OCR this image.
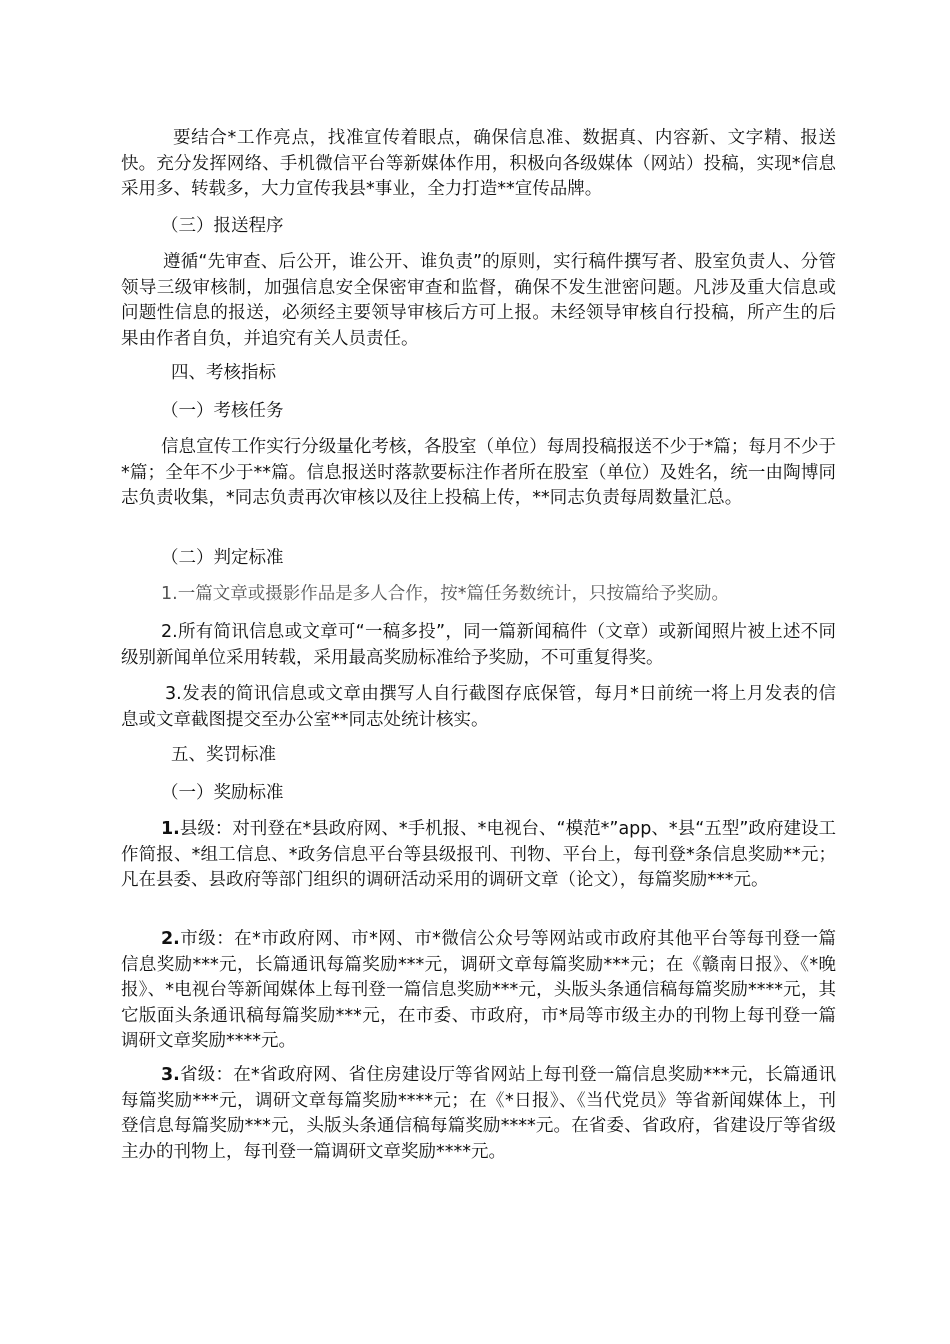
要结合*工作亮点，找准宣传着眼点，确保信息准、数据真、内容新、文字精、报送快。充分发挥网络、手机微信平台等新媒体作用，积极向各级媒体（网站）投稿，实现*信息采用多、转载多，大力宣传我县*事业，全力打造**宣传品牌。

（三）报送程序

遵循“先审查、后公开，谁公开、谁负责”的原则，实行稿件撰写者、股室负责人、分管领导三级审核制，加强信息安全保密审查和监督，确保不发生泄密问题。凡涉及重大信息或问题性信息的报送，必须经主要领导审核后方可上报。未经领导审核自行投稿，所产生的后果由作者自负，并追究有关人员责任。

四、考核指标

（一）考核任务

信息宣传工作实行分级量化考核，各股室（单位）每周投稿报送不少于*篇；每月不少于*篇；全年不少于**篇。信息报送时落款要标注作者所在股室（单位）及姓名，统一由陶博同志负责收集，*同志负责再次审核以及往上投稿上传，**同志负责每周数量汇总。

（二）判定标准

1.一篇文章或摄影作品是多人合作，按*篇任务数统计，只按篇给予奖励。

2.所有简讯信息或文章可“一稿多投”，同一篇新闻稿件（文章）或新闻照片被上述不同级别新闻单位采用转载，采用最高奖励标准给予奖励，不可重复得奖。

3.发表的简讯信息或文章由撰写人自行截图存底保管，每月*日前统一将上月发表的信息或文章截图提交至办公室**同志处统计核实。

五、奖罚标准

（一）奖励标准

1.县级：对刊登在*县政府网、*手机报、*电视台、“模范*”app、*县“五型”政府建设工作简报、*组工信息、*政务信息平台等县级报刊、刊物、平台上，每刊登*条信息奖励**元；凡在县委、县政府等部门组织的调研活动采用的调研文章（论文），每篇奖励***元。

2.市级：在*市政府网、市*网、市*微信公众号等网站或市政府其他平台等每刊登一篇信息奖励***元，长篇通讯每篇奖励***元，调研文章每篇奖励***元；在《赣南日报》、《*晚报》、*电视台等新闻媒体上每刊登一篇信息奖励***元，头版头条通信稿每篇奖励****元，其它版面头条通讯稿每篇奖励***元，在市委、市政府，市*局等市级主办的刊物上每刊登一篇调研文章奖励****元。

3.省级：在*省政府网、省住房建设厅等省网站上每刊登一篇信息奖励***元，长篇通讯每篇奖励***元，调研文章每篇奖励****元；在《*日报》、《当代党员》等省新闻媒体上，刊登信息每篇奖励***元，头版头条通信稿每篇奖励****元。在省委、省政府，省建设厅等省级主办的刊物上，每刊登一篇调研文章奖励****元。
